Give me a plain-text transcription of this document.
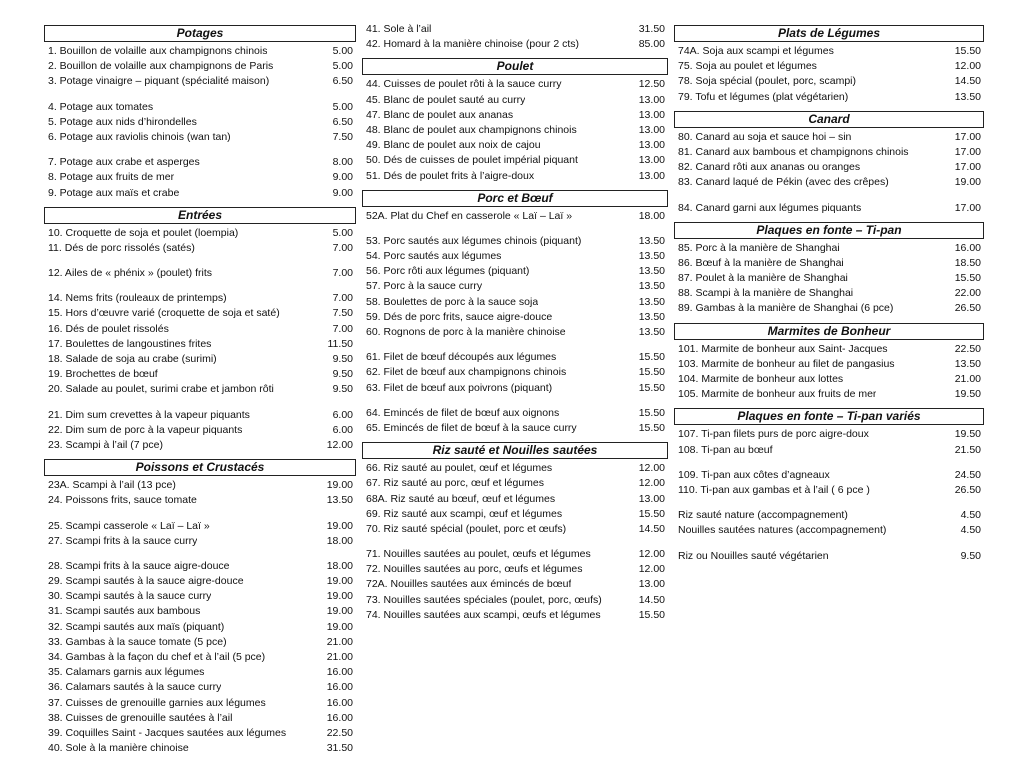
Potages
1. Bouillon de volaille aux champignons chinois	5.00
2. Bouillon de volaille aux champignons de Paris	5.00
3. Potage vinaigre – piquant (spécialité maison)	6.50
4. Potage aux tomates	5.00
5. Potage aux nids d’hirondelles	6.50
6. Potage aux raviolis chinois (wan tan)	7.50
7. Potage aux crabe et asperges	8.00
8. Potage aux fruits de mer	9.00
9. Potage aux maïs et crabe	9.00
Entrées
10. Croquette de soja et poulet (loempia)	5.00
11. Dés de porc rissolés (satés)	7.00
12. Ailes de « phénix » (poulet) frits	7.00
14. Nems frits (rouleaux de printemps)	7.00
15. Hors d’œuvre varié (croquette de soja et saté)	7.50
16. Dés de poulet rissolés	7.00
17. Boulettes de langoustines frites	11.50
18. Salade de soja au crabe (surimi)	9.50
19. Brochettes de bœuf	9.50
20. Salade au poulet, surimi crabe et jambon rôti	9.50
21. Dim sum crevettes à la vapeur piquants	6.00
22. Dim sum de porc à la vapeur piquants	6.00
23. Scampi à l’ail (7 pce)	12.00
Poissons et Crustacés
23A. Scampi à l’ail (13 pce)	19.00
24. Poissons frits, sauce tomate	13.50
25. Scampi casserole « Laï – Laï »	19.00
27. Scampi frits à la sauce curry	18.00
28. Scampi frits à la sauce aigre-douce	18.00
29. Scampi sautés à la sauce aigre-douce	19.00
30. Scampi sautés à la sauce curry	19.00
31. Scampi sautés aux bambous	19.00
32. Scampi sautés aux maïs (piquant)	19.00
33. Gambas à la sauce tomate (5 pce)	21.00
34. Gambas à la façon du chef et à l’ail (5 pce)	21.00
35. Calamars garnis aux légumes	16.00
36. Calamars sautés à la sauce curry	16.00
37. Cuisses de grenouille garnies aux légumes	16.00
38. Cuisses de grenouille sautées à l’ail	16.00
39. Coquilles Saint - Jacques sautées aux légumes	22.50
40. Sole à la manière chinoise	31.50
41. Sole à l’ail	31.50
42. Homard à la manière chinoise (pour 2 cts)	85.00
Poulet
44. Cuisses de poulet rôti à la sauce curry	12.50
45. Blanc de poulet sauté au curry	13.00
47. Blanc de poulet aux ananas	13.00
48. Blanc de poulet aux champignons chinois	13.00
49. Blanc de poulet aux noix de cajou	13.00
50. Dés de cuisses de poulet impérial piquant	13.00
51. Dés de poulet frits à l’aigre-doux	13.00
Porc et Bœuf
52A. Plat du Chef en casserole « Laï – Laï »	18.00
53. Porc sautés aux légumes chinois (piquant)	13.50
54. Porc sautés aux légumes	13.50
56. Porc rôti aux légumes (piquant)	13.50
57. Porc à la sauce curry	13.50
58. Boulettes de porc à la sauce soja	13.50
59. Dés de porc frits, sauce aigre-douce	13.50
60. Rognons de porc à la manière chinoise	13.50
61. Filet de bœuf découpés aux légumes	15.50
62. Filet de bœuf aux champignons chinois	15.50
63. Filet de bœuf aux poivrons (piquant)	15.50
64. Emincés de filet de bœuf aux oignons	15.50
65. Emincés de filet de bœuf à la sauce curry	15.50
Riz sauté et Nouilles sautées
66. Riz sauté au poulet, œuf et légumes	12.00
67. Riz sauté au porc, œuf et légumes	12.00
68A. Riz sauté au bœuf, œuf et légumes	13.00
69. Riz sauté aux scampi, œuf et légumes	15.50
70. Riz sauté spécial (poulet, porc et œufs)	14.50
71. Nouilles sautées au poulet, œufs et légumes	12.00
72. Nouilles sautées au porc, œufs et légumes	12.00
72A. Nouilles sautées aux émincés de bœuf	13.00
73. Nouilles sautées spéciales (poulet, porc, œufs)	14.50
74. Nouilles sautées aux scampi, œufs et légumes	15.50
Plats de Légumes
74A. Soja aux scampi et légumes	15.50
75. Soja au poulet et légumes	12.00
78. Soja spécial (poulet, porc, scampi)	14.50
79. Tofu et légumes (plat végétarien)	13.50
Canard
80. Canard au soja et sauce hoi – sin	17.00
81. Canard aux bambous et champignons chinois	17.00
82. Canard rôti aux ananas ou oranges	17.00
83. Canard laqué de Pékin (avec des crêpes)	19.00
84. Canard garni aux légumes piquants	17.00
Plaques en fonte – Ti-pan
85. Porc à la manière de Shanghai	16.00
86. Bœuf à la manière de Shanghai	18.50
87. Poulet à la manière de Shanghai	15.50
88. Scampi à la manière de Shanghai	22.00
89. Gambas à la manière de Shanghai (6 pce)	26.50
Marmites de Bonheur
101. Marmite de bonheur aux Saint- Jacques	22.50
103. Marmite de bonheur au filet de pangasius	13.50
104. Marmite de bonheur aux lottes	21.00
105. Marmite de bonheur aux fruits de mer	19.50
Plaques en fonte – Ti-pan variés
107. Ti-pan filets purs de porc aigre-doux	19.50
108. Ti-pan au bœuf	21.50
109. Ti-pan aux côtes d’agneaux	24.50
110. Ti-pan aux gambas et à l’ail ( 6 pce )	26.50
Riz sauté nature (accompagnement)	4.50
Nouilles sautées natures (accompagnement)	4.50
Riz ou Nouilles sauté végétarien	9.50
